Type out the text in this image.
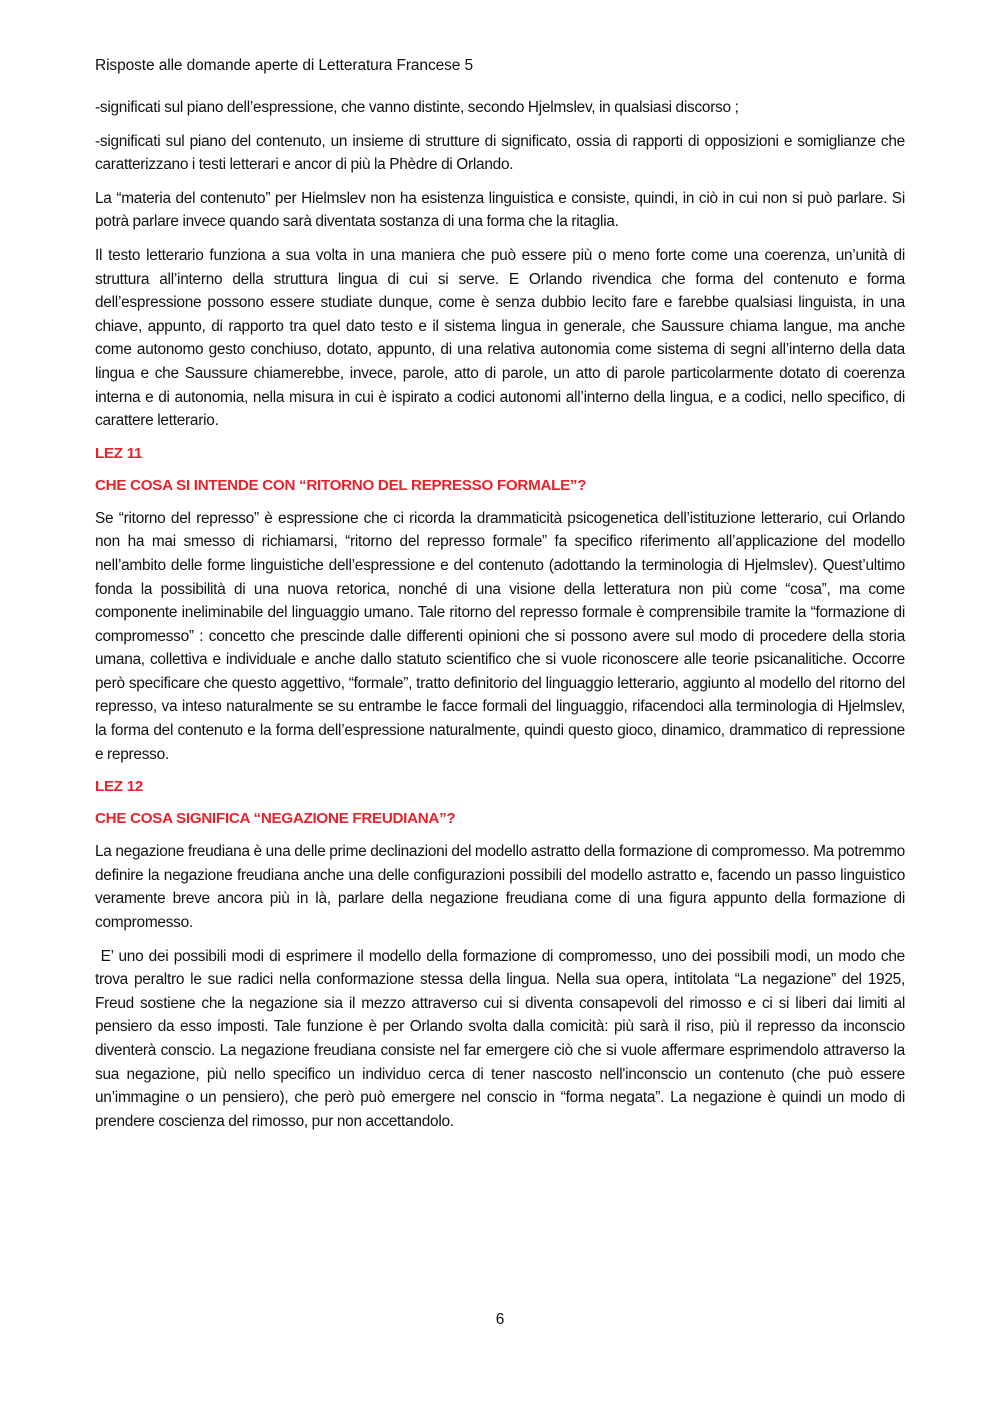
Risposte alle domande aperte di Letteratura Francese 5

-significati sul piano dell’espressione, che vanno distinte, secondo Hjelmslev, in qualsiasi discorso ;

-significati sul piano del contenuto, un insieme di strutture di significato, ossia di rapporti di opposizioni e somiglianze che caratterizzano i testi letterari e ancor di più la Phèdre di Orlando.

La “materia del contenuto” per Hielmslev non ha esistenza linguistica e consiste, quindi, in ciò in cui non si può parlare. Si potrà parlare invece quando sarà diventata sostanza di una forma che la ritaglia.

Il testo letterario funziona a sua volta in una maniera che può essere più o meno forte come una coerenza, un’unità di struttura all’interno della struttura lingua di cui si serve. E Orlando rivendica che forma del contenuto e forma dell’espressione possono essere studiate dunque, come è senza dubbio lecito fare e farebbe qualsiasi linguista, in una chiave, appunto, di rapporto tra quel dato testo e il sistema lingua in generale, che Saussure chiama langue, ma anche come autonomo gesto conchiuso, dotato, appunto, di una relativa autonomia come sistema di segni all’interno della data lingua e che Saussure chiamerebbe, invece, parole, atto di parole, un atto di parole particolarmente dotato di coerenza interna e di autonomia, nella misura in cui è ispirato a codici autonomi all’interno della lingua, e a codici, nello specifico, di carattere letterario.

LEZ 11
CHE COSA SI INTENDE CON “RITORNO DEL REPRESSO FORMALE”?

Se “ritorno del represso” è espressione che ci ricorda la drammaticità psicogenetica dell’istituzione letterario, cui Orlando non ha mai smesso di richiamarsi, “ritorno del represso formale” fa specifico riferimento all’applicazione del modello nell’ambito delle forme linguistiche dell’espressione e del contenuto (adottando la terminologia di Hjelmslev). Quest’ultimo fonda la possibilità di una nuova retorica, nonché di una visione della letteratura non più come “cosa”, ma come componente ineliminabile del linguaggio umano. Tale ritorno del represso formale è comprensibile tramite la “formazione di compromesso” : concetto che prescinde dalle differenti opinioni che si possono avere sul modo di procedere della storia umana, collettiva e individuale e anche dallo statuto scientifico che si vuole riconoscere alle teorie psicanalitiche. Occorre però specificare che questo aggettivo, “formale”, tratto definitorio del linguaggio letterario, aggiunto al modello del ritorno del represso, va inteso naturalmente se su entrambe le facce formali del linguaggio, rifacendoci alla terminologia di Hjelmslev, la forma del contenuto e la forma dell’espressione naturalmente, quindi questo gioco, dinamico, drammatico di repressione e represso.

LEZ 12
CHE COSA SIGNIFICA “NEGAZIONE FREUDIANA”?

La negazione freudiana è una delle prime declinazioni del modello astratto della formazione di compromesso. Ma potremmo definire la negazione freudiana anche una delle configurazioni possibili del modello astratto e, facendo un passo linguistico veramente breve ancora più in là, parlare della negazione freudiana come di una figura appunto della formazione di compromesso.

E’ uno dei possibili modi di esprimere il modello della formazione di compromesso, uno dei possibili modi, un modo che trova peraltro le sue radici nella conformazione stessa della lingua. Nella sua opera, intitolata “La negazione” del 1925, Freud sostiene che la negazione sia il mezzo attraverso cui si diventa consapevoli del rimosso e ci si liberi dai limiti al pensiero da esso imposti. Tale funzione è per Orlando svolta dalla comicità: più sarà il riso, più il represso da inconscio diventerà conscio. La negazione freudiana consiste nel far emergere ciò che si vuole affermare esprimendolo attraverso la sua negazione, più nello specifico un individuo cerca di tener nascosto nell'inconscio un contenuto (che può essere un’immagine o un pensiero), che però può emergere nel conscio in “forma negata”. La negazione è quindi un modo di prendere coscienza del rimosso, pur non accettandolo.

6
